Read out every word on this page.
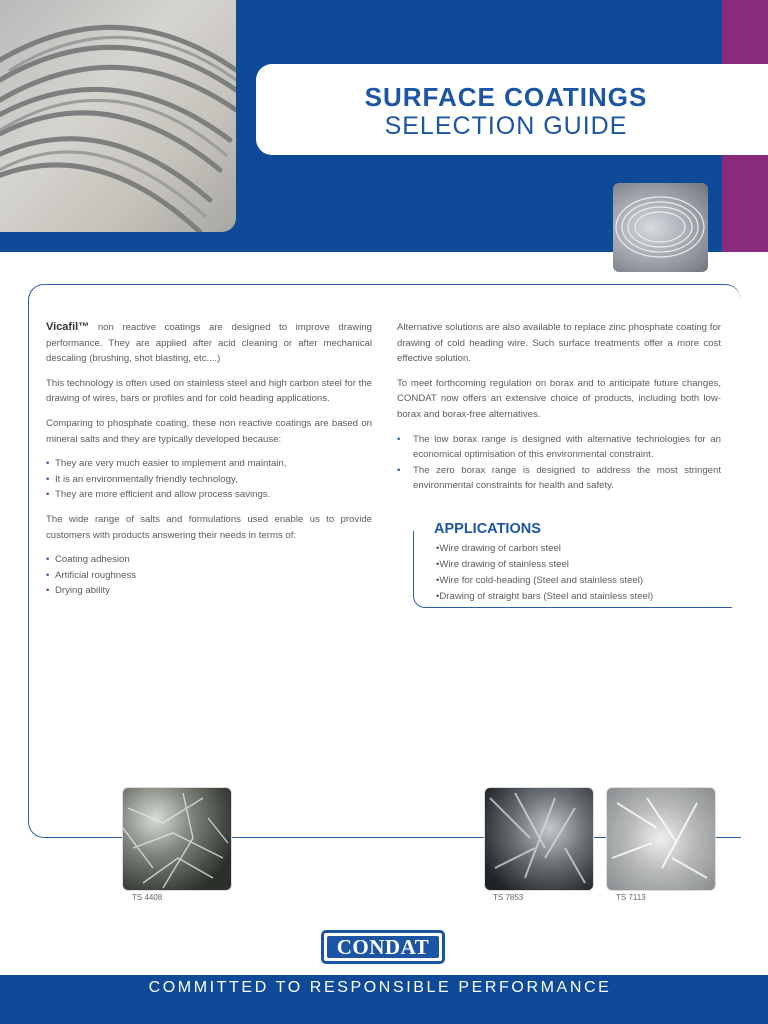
SURFACE COATINGS
SELECTION GUIDE

Vicafil™ non reactive coatings are designed to improve drawing performance. They are applied after acid cleaning or after mechanical descaling (brushing, shot blasting, etc....)

This technology is often used on stainless steel and high carbon steel for the drawing of wires, bars or profiles and for cold heading applications.

Comparing to phosphate coating, these non reactive coatings are based on mineral salts and they are typically developed because:

• They are very much easier to implement and maintain,
• It is an environmentally friendly technology,
• They are more efficient and allow process savings.

The wide range of salts and formulations used enable us to provide customers with products answering their needs in terms of:

• Coating adhesion
• Artificial roughness
• Drying ability

Alternative solutions are also available to replace zinc phosphate coating for drawing of cold heading wire. Such surface treatments offer a more cost effective solution.

To meet forthcoming regulation on borax and to anticipate future changes, CONDAT now offers an extensive choice of products, including both low-borax and borax-free alternatives.

• The low borax range is designed with alternative technologies for an economical optimisation of this environmental constraint.
• The zero borax range is designed to address the most stringent environmental constraints for health and safety.
APPLICATIONS
• Wire drawing of carbon steel
• Wire drawing of stainless steel
• Wire for cold-heading (Steel and stainless steel)
• Drawing of straight bars (Steel and stainless steel)
TS 4408	TS 7853	TS 7113
CONDAT
COMMITTED TO RESPONSIBLE PERFORMANCE
